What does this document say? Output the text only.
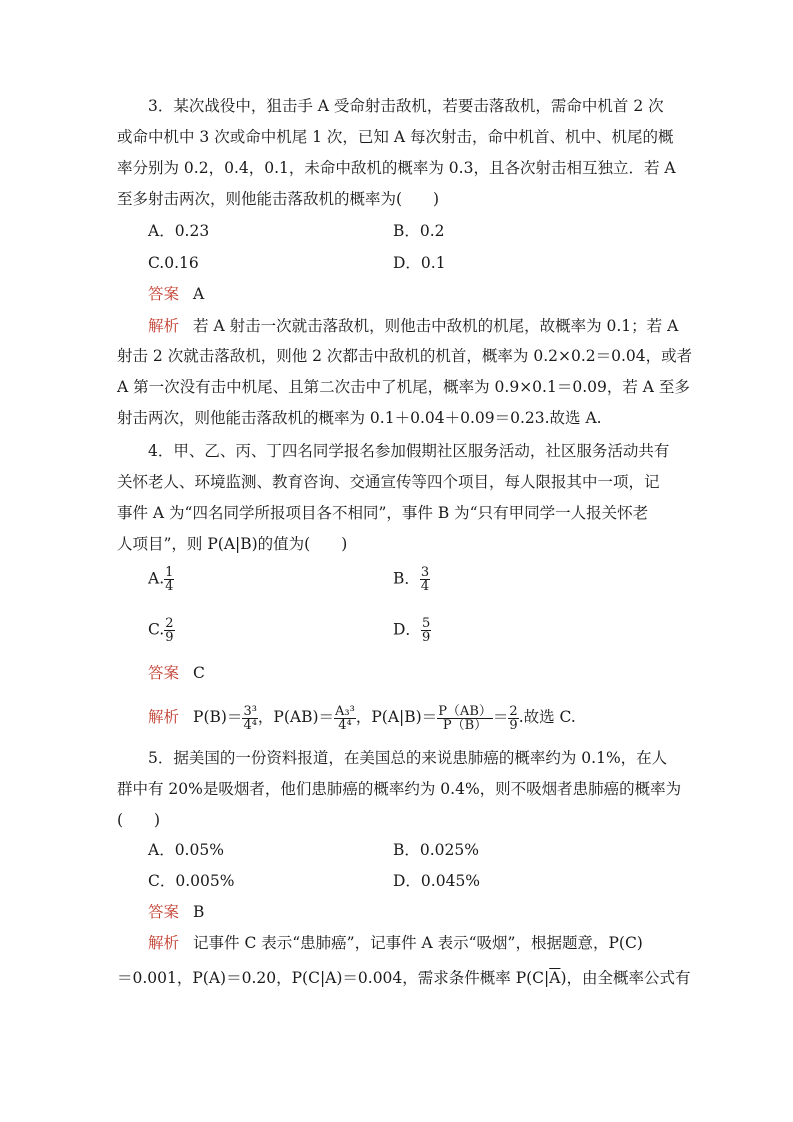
3．某次战役中，狙击手 A 受命射击敌机，若要击落敌机，需命中机首 2 次
或命中机中 3 次或命中机尾 1 次，已知 A 每次射击，命中机首、机中、机尾的概
率分别为 0.2，0.4，0.1，未命中敌机的概率为 0.3，且各次射击相互独立．若 A
至多射击两次，则他能击落敌机的概率为(　　)
A．0.23	B．0.2
C.0.16	D．0.1
答案 A
解析 若 A 射击一次就击落敌机，则他击中敌机的机尾，故概率为 0.1；若 A
射击 2 次就击落敌机，则他 2 次都击中敌机的机首，概率为 0.2×0.2＝0.04，或者
A 第一次没有击中机尾、且第二次击中了机尾，概率为 0.9×0.1＝0.09，若 A 至多
射击两次，则他能击落敌机的概率为 0.1＋0.04＋0.09＝0.23.故选 A.
4．甲、乙、丙、丁四名同学报名参加假期社区服务活动，社区服务活动共有
关怀老人、环境监测、教育咨询、交通宣传等四个项目，每人限报其中一项，记
事件 A 为“四名同学所报项目各不相同”，事件 B 为“只有甲同学一人报关怀老
人项目”，则 P(A|B)的值为(　　)
A. $\frac{1}{4}$	B． $\frac{3}{4}$
C. $\frac{2}{9}$	D． $\frac{5}{9}$
答案 C
解析 $P(B)= \frac{\text{3³}}{\text{4⁴}}$ ，$P(AB)= \frac{\text{A₃³}}{\text{4⁴}}$ ，$P(A|B)= \frac{P(AB)}{P(B)} = \frac{2}{9}$ .故选 C.
5．据美国的一份资料报道，在美国总的来说患肺癌的概率约为 0.1%，在人
群中有 20%是吸烟者，他们患肺癌的概率约为 0.4%，则不吸烟者患肺癌的概率为
(　　)
A．0.05%	B．0.025%
C．0.005%	D．0.045%
答案 B
解析 记事件 C 表示“患肺癌”，记事件 A 表示“吸烟”，根据题意，P(C)
＝0.001，P(A)＝0.20，P(C|A)＝0.004，需求条件概率 $P(C|\overline{A})$，由全概率公式有
